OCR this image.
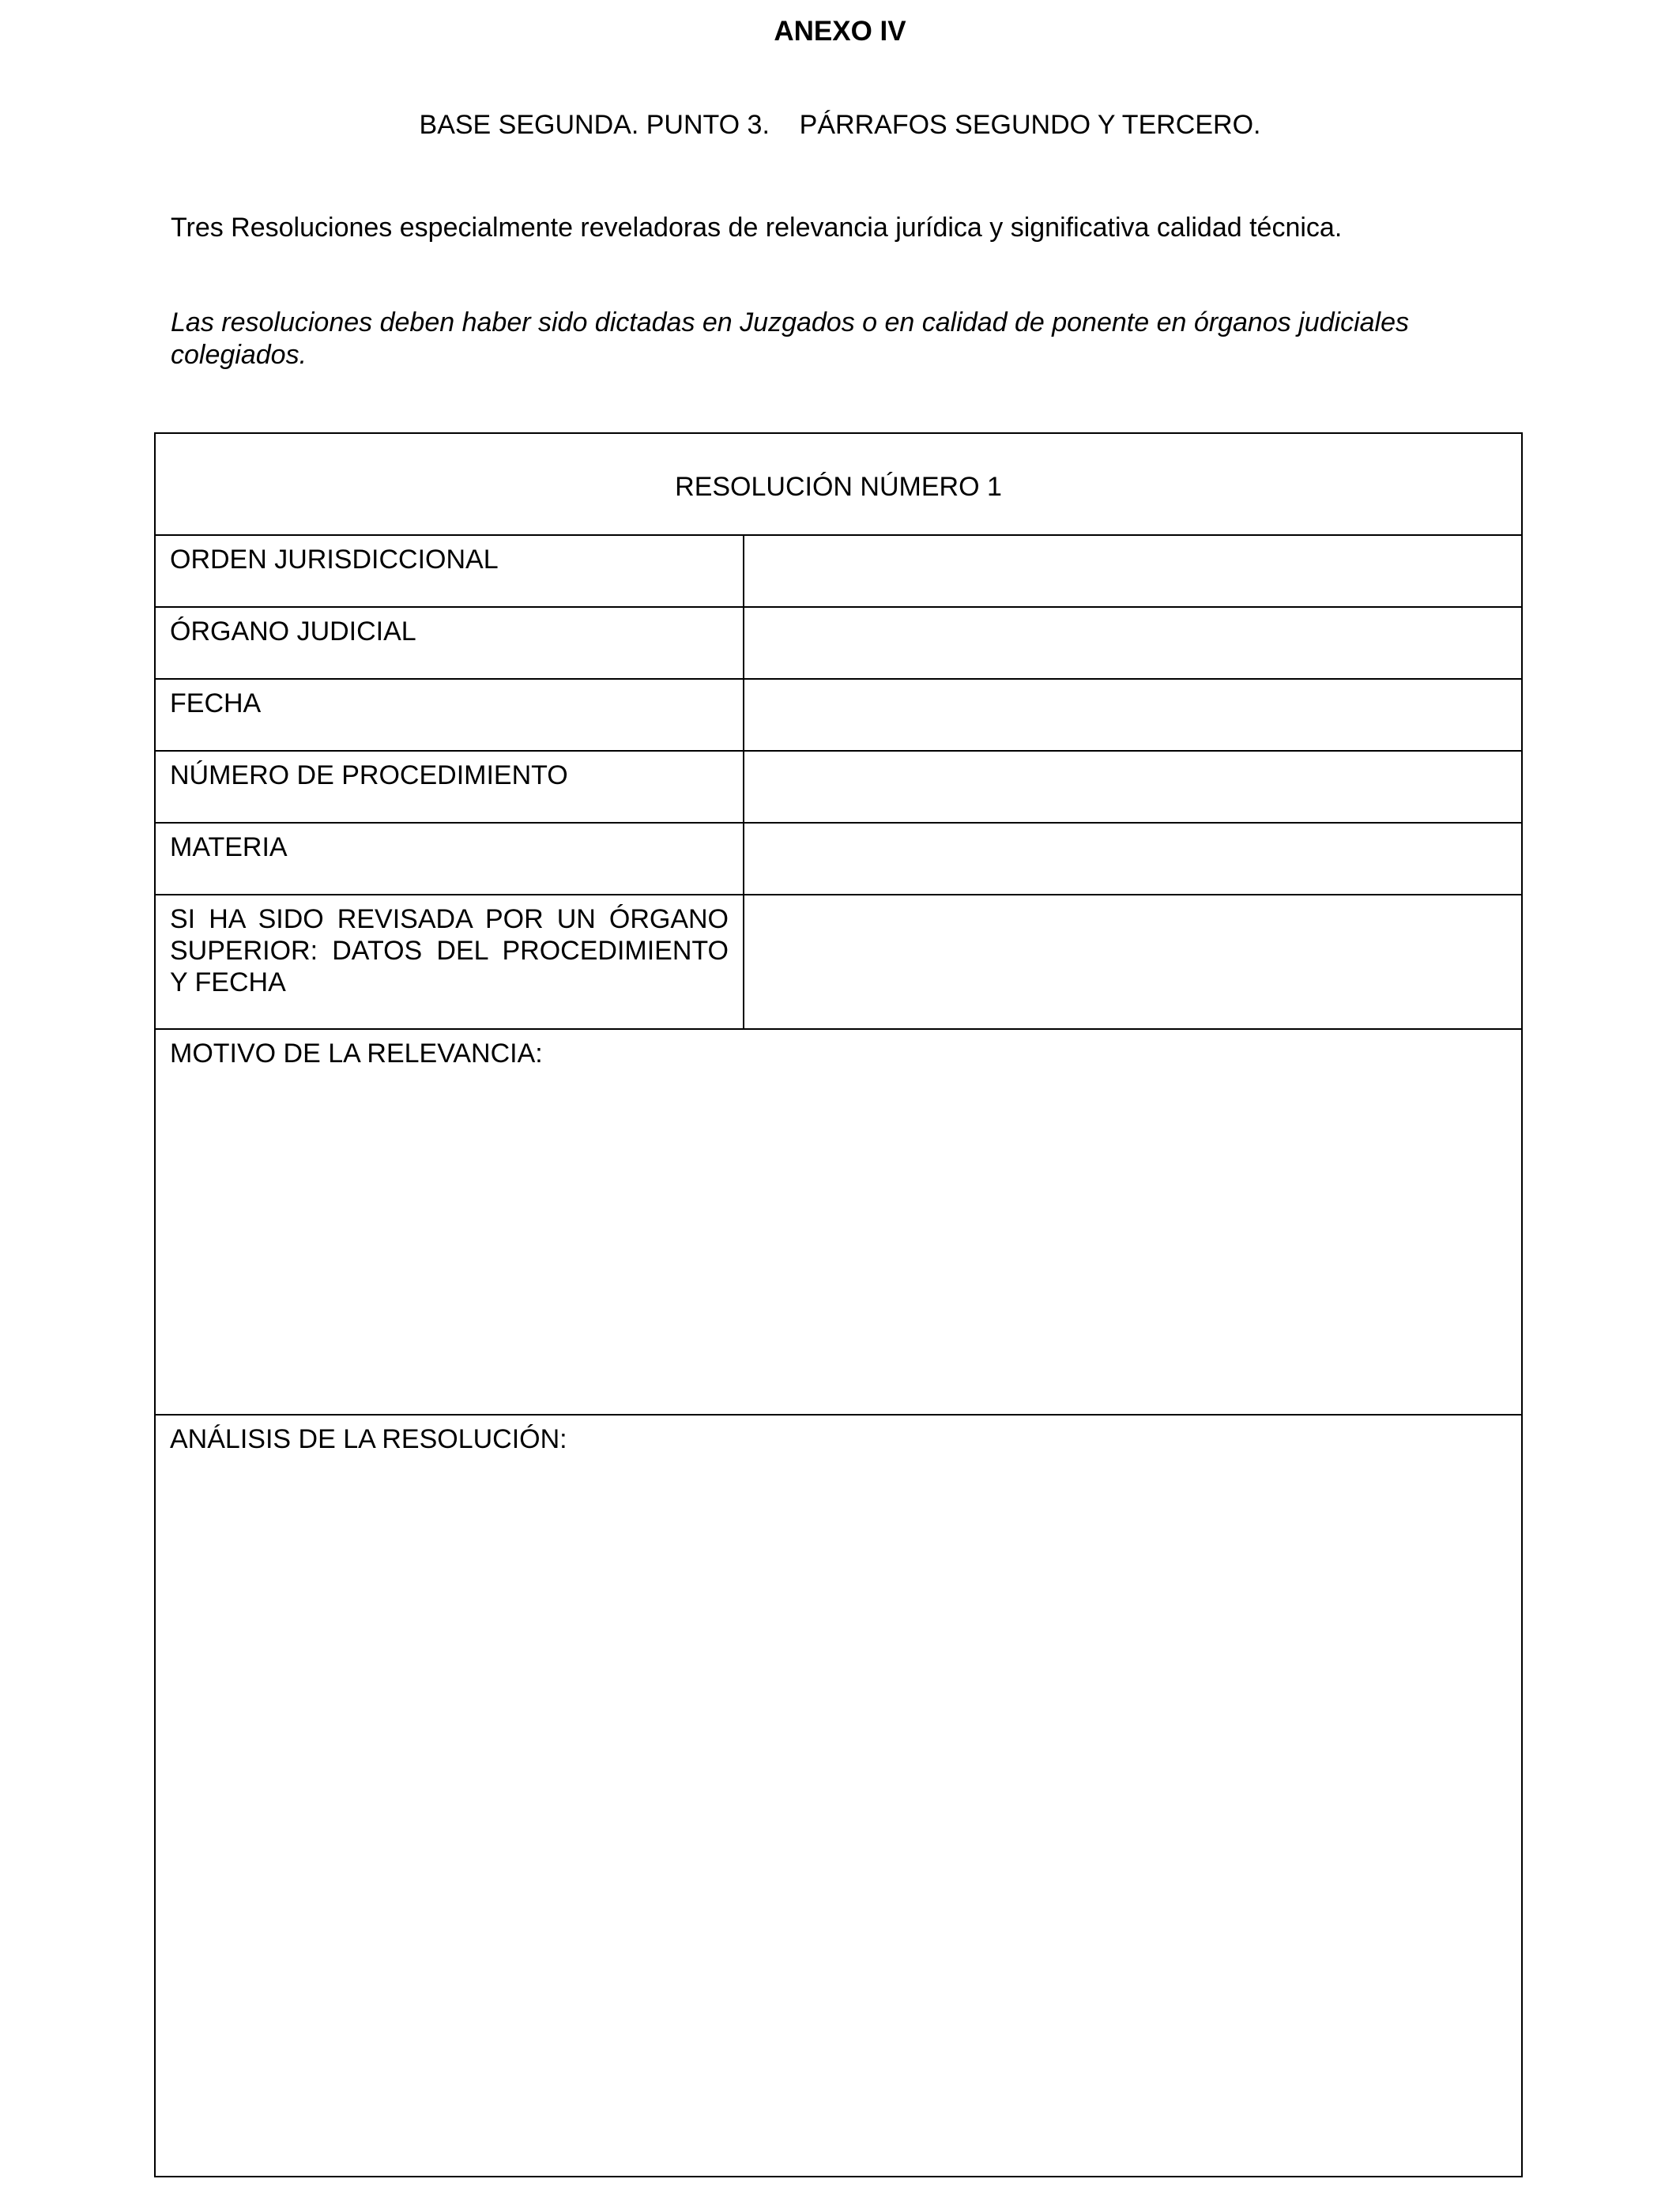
ANEXO IV
BASE SEGUNDA. PUNTO 3.    PÁRRAFOS SEGUNDO Y TERCERO.
Tres Resoluciones especialmente reveladoras de relevancia jurídica y significativa calidad técnica.
Las resoluciones deben haber sido dictadas en Juzgados o en calidad de ponente en órganos judiciales colegiados.
RESOLUCIÓN NÚMERO 1	
ORDEN JURISDICCIONAL	
ÓRGANO JUDICIAL	
FECHA	
NÚMERO DE PROCEDIMIENTO	
MATERIA	
SI HA SIDO REVISADA POR UN ÓRGANO SUPERIOR: DATOS DEL PROCEDIMIENTO Y FECHA	
MOTIVO DE LA RELEVANCIA:	
ANÁLISIS DE LA RESOLUCIÓN:	
